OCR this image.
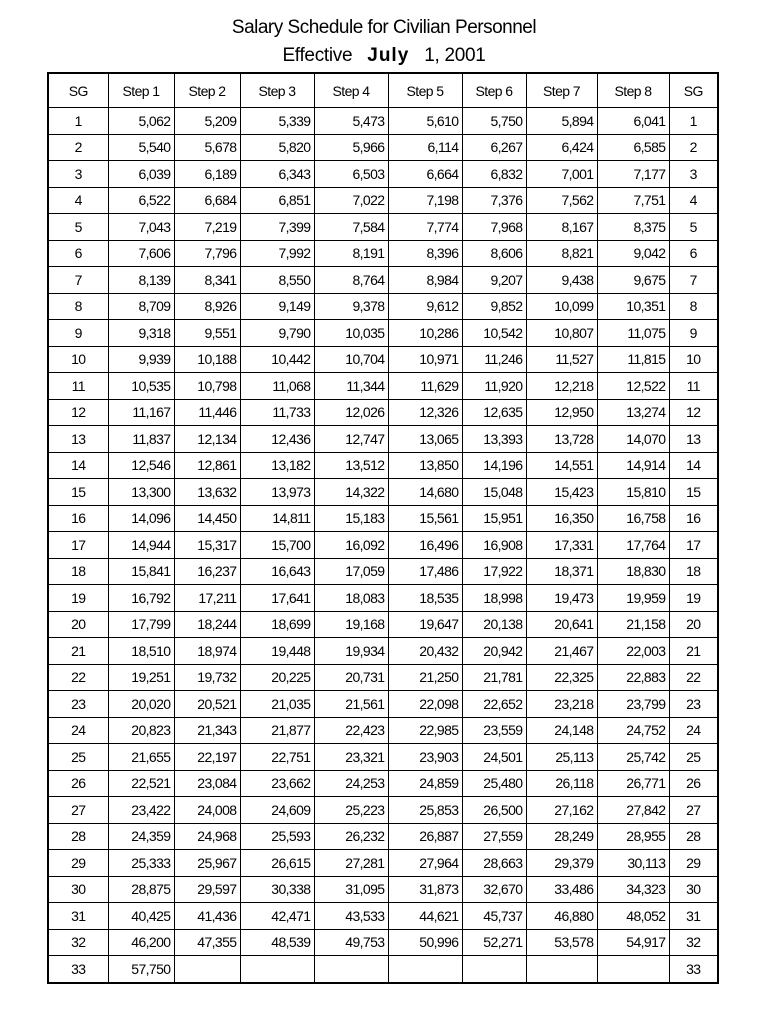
Salary Schedule for Civilian Personnel
Effective July 1, 2001
SG	Step 1	Step 2	Step 3	Step 4	Step 5	Step 6	Step 7	Step 8	SG
1	5,062	5,209	5,339	5,473	5,610	5,750	5,894	6,041	1
2	5,540	5,678	5,820	5,966	6,114	6,267	6,424	6,585	2
3	6,039	6,189	6,343	6,503	6,664	6,832	7,001	7,177	3
4	6,522	6,684	6,851	7,022	7,198	7,376	7,562	7,751	4
5	7,043	7,219	7,399	7,584	7,774	7,968	8,167	8,375	5
6	7,606	7,796	7,992	8,191	8,396	8,606	8,821	9,042	6
7	8,139	8,341	8,550	8,764	8,984	9,207	9,438	9,675	7
8	8,709	8,926	9,149	9,378	9,612	9,852	10,099	10,351	8
9	9,318	9,551	9,790	10,035	10,286	10,542	10,807	11,075	9
10	9,939	10,188	10,442	10,704	10,971	11,246	11,527	11,815	10
11	10,535	10,798	11,068	11,344	11,629	11,920	12,218	12,522	11
12	11,167	11,446	11,733	12,026	12,326	12,635	12,950	13,274	12
13	11,837	12,134	12,436	12,747	13,065	13,393	13,728	14,070	13
14	12,546	12,861	13,182	13,512	13,850	14,196	14,551	14,914	14
15	13,300	13,632	13,973	14,322	14,680	15,048	15,423	15,810	15
16	14,096	14,450	14,811	15,183	15,561	15,951	16,350	16,758	16
17	14,944	15,317	15,700	16,092	16,496	16,908	17,331	17,764	17
18	15,841	16,237	16,643	17,059	17,486	17,922	18,371	18,830	18
19	16,792	17,211	17,641	18,083	18,535	18,998	19,473	19,959	19
20	17,799	18,244	18,699	19,168	19,647	20,138	20,641	21,158	20
21	18,510	18,974	19,448	19,934	20,432	20,942	21,467	22,003	21
22	19,251	19,732	20,225	20,731	21,250	21,781	22,325	22,883	22
23	20,020	20,521	21,035	21,561	22,098	22,652	23,218	23,799	23
24	20,823	21,343	21,877	22,423	22,985	23,559	24,148	24,752	24
25	21,655	22,197	22,751	23,321	23,903	24,501	25,113	25,742	25
26	22,521	23,084	23,662	24,253	24,859	25,480	26,118	26,771	26
27	23,422	24,008	24,609	25,223	25,853	26,500	27,162	27,842	27
28	24,359	24,968	25,593	26,232	26,887	27,559	28,249	28,955	28
29	25,333	25,967	26,615	27,281	27,964	28,663	29,379	30,113	29
30	28,875	29,597	30,338	31,095	31,873	32,670	33,486	34,323	30
31	40,425	41,436	42,471	43,533	44,621	45,737	46,880	48,052	31
32	46,200	47,355	48,539	49,753	50,996	52,271	53,578	54,917	32
33	57,750								33
